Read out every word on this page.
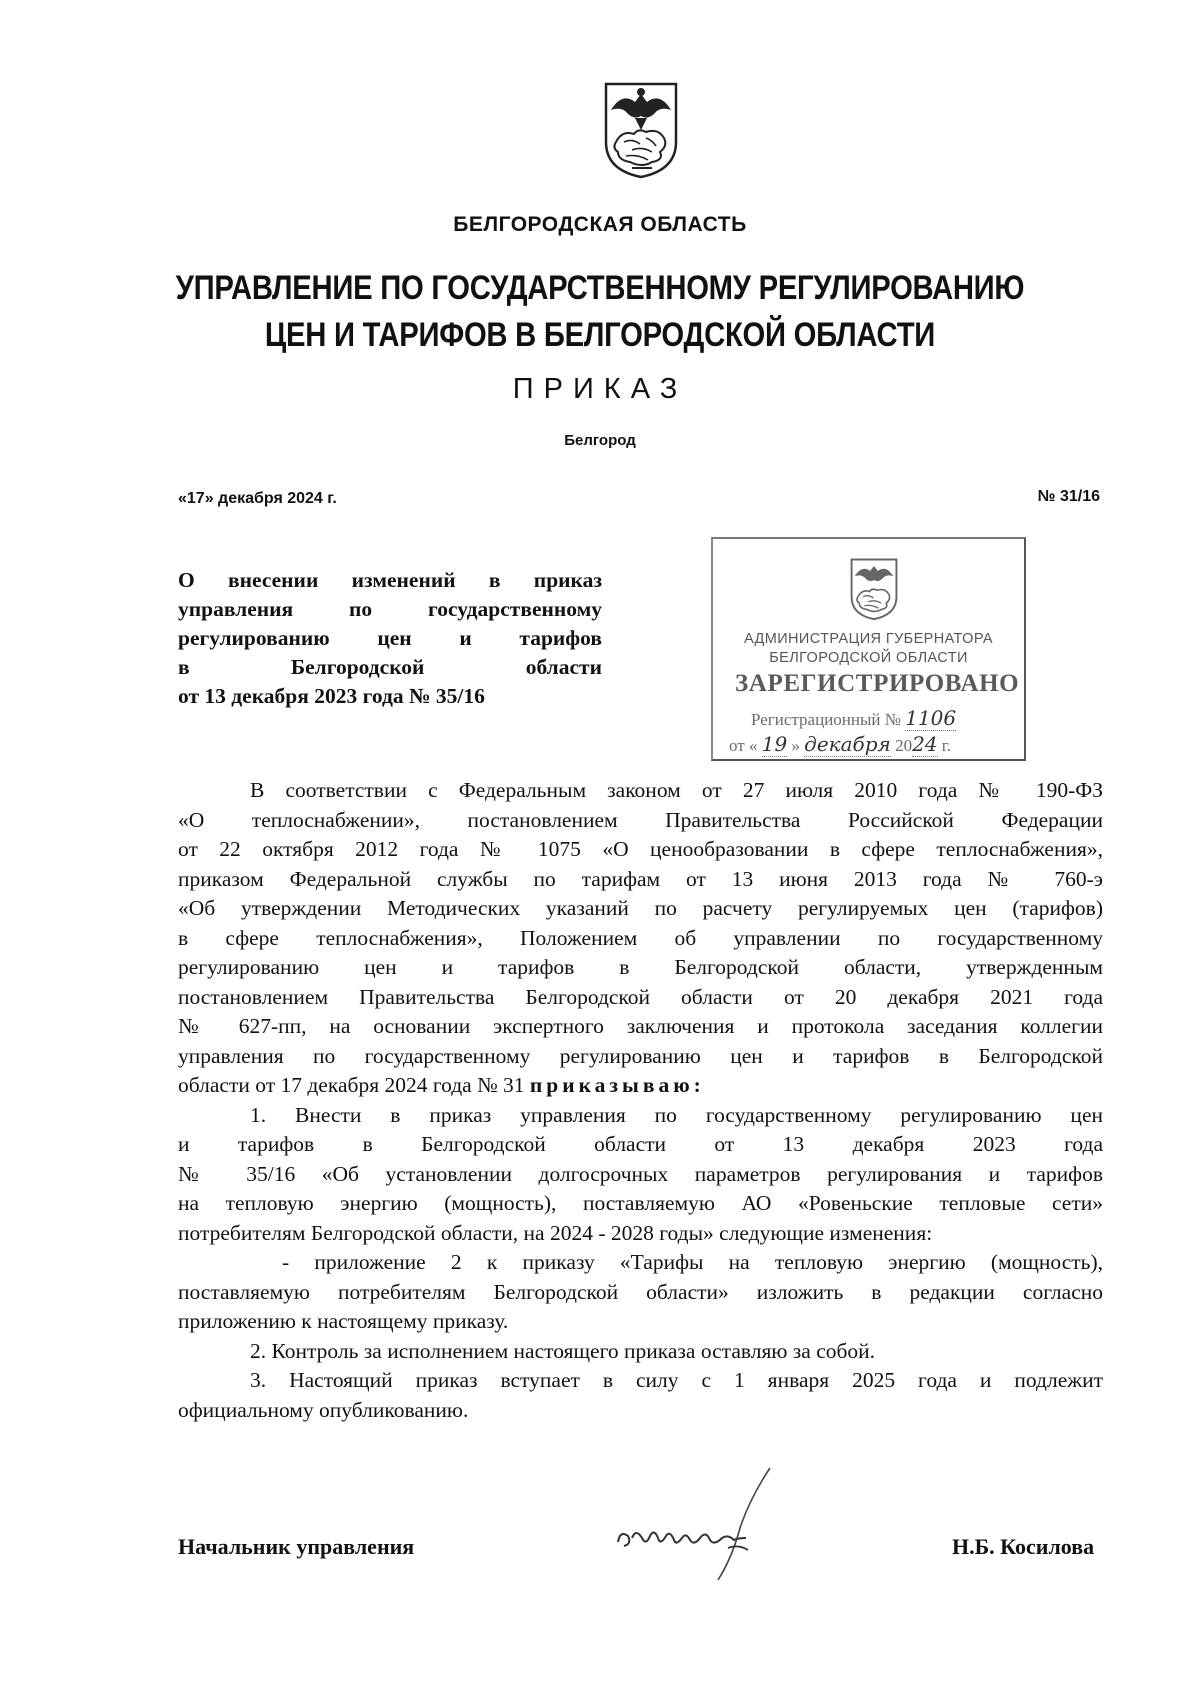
БЕЛГОРОДСКАЯ ОБЛАСТЬ
УПРАВЛЕНИЕ ПО ГОСУДАРСТВЕННОМУ РЕГУЛИРОВАНИЮ
ЦЕН И ТАРИФОВ В БЕЛГОРОДСКОЙ ОБЛАСТИ
ПРИКАЗ
Белгород
«17» декабря 2024 г.	№ 31/16
О внесении изменений в приказ
управления по государственному
регулированию цен и тарифов
в Белгородской области
от 13 декабря 2023 года № 35/16
АДМИНИСТРАЦИЯ ГУБЕРНАТОРА
БЕЛГОРОДСКОЙ ОБЛАСТИ
ЗАРЕГИСТРИРОВАНО
Регистрационный № 1106
от « 19 » декабря 2024 г.
В соответствии с Федеральным законом от 27 июля 2010 года № 190-ФЗ
«О теплоснабжении», постановлением Правительства Российской Федерации
от 22 октября 2012 года № 1075 «О ценообразовании в сфере теплоснабжения»,
приказом Федеральной службы по тарифам от 13 июня 2013 года № 760-э
«Об утверждении Методических указаний по расчету регулируемых цен (тарифов)
в сфере теплоснабжения», Положением об управлении по государственному
регулированию цен и тарифов в Белгородской области, утвержденным
постановлением Правительства Белгородской области от 20 декабря 2021 года
№ 627-пп, на основании экспертного заключения и протокола заседания коллегии
управления по государственному регулированию цен и тарифов в Белгородской
области от 17 декабря 2024 года № 31 приказываю:
1. Внести в приказ управления по государственному регулированию цен
и тарифов в Белгородской области от 13 декабря 2023 года
№ 35/16 «Об установлении долгосрочных параметров регулирования и тарифов
на тепловую энергию (мощность), поставляемую АО «Ровеньские тепловые сети»
потребителям Белгородской области, на 2024 - 2028 годы» следующие изменения:
- приложение 2 к приказу «Тарифы на тепловую энергию (мощность),
поставляемую потребителям Белгородской области» изложить в редакции согласно
приложению к настоящему приказу.
2. Контроль за исполнением настоящего приказа оставляю за собой.
3. Настоящий приказ вступает в силу с 1 января 2025 года и подлежит
официальному опубликованию.
Начальник управления	Н.Б. Косилова
